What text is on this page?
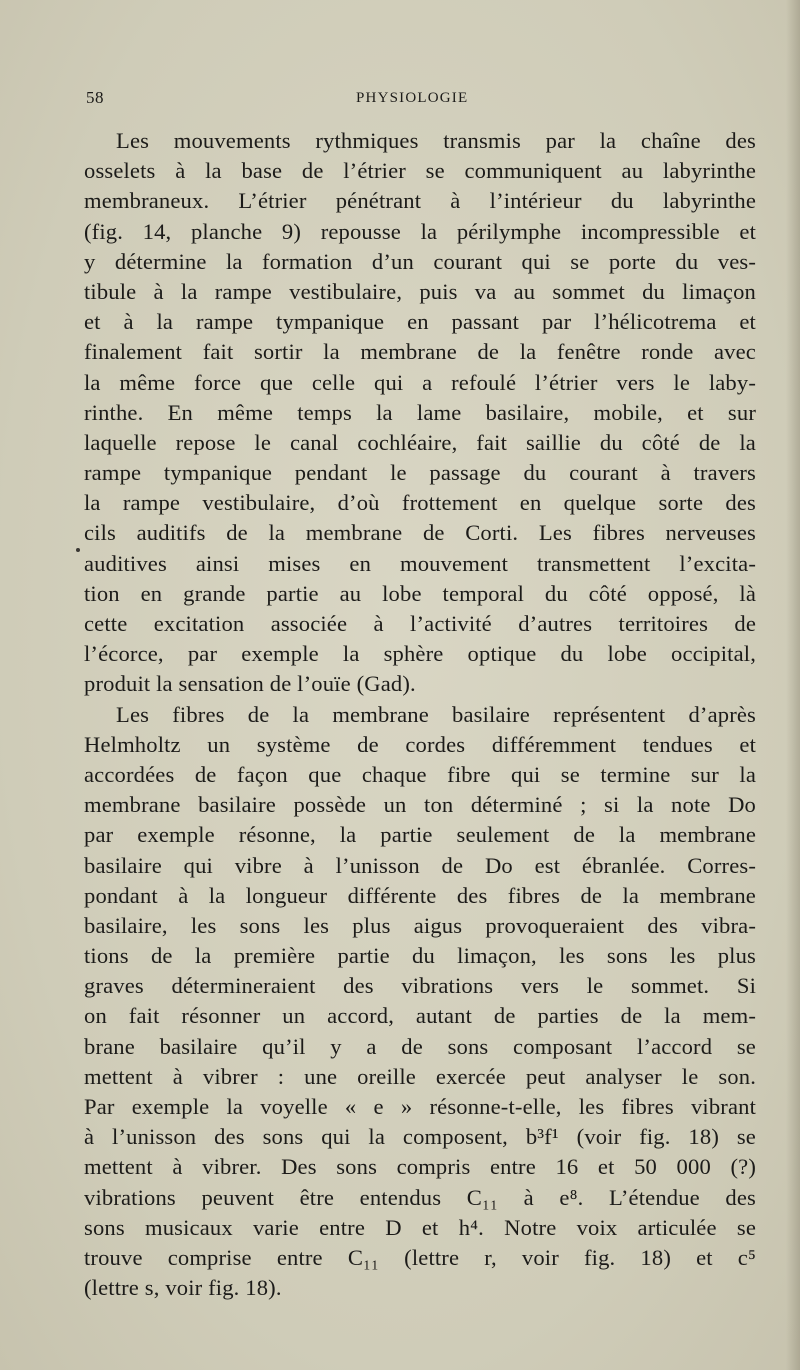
58	PHYSIOLOGIE
Les mouvements rythmiques transmis par la chaîne des
osselets à la base de l’étrier se communiquent au labyrinthe
membraneux. L’étrier pénétrant à l’intérieur du labyrinthe
(fig. 14, planche 9) repousse la périlymphe incompressible et
y détermine la formation d’un courant qui se porte du ves-
tibule à la rampe vestibulaire, puis va au sommet du limaçon
et à la rampe tympanique en passant par l’hélicotrema et
finalement fait sortir la membrane de la fenêtre ronde avec
la même force que celle qui a refoulé l’étrier vers le laby-
rinthe. En même temps la lame basilaire, mobile, et sur
laquelle repose le canal cochléaire, fait saillie du côté de la
rampe tympanique pendant le passage du courant à travers
la rampe vestibulaire, d’où frottement en quelque sorte des
cils auditifs de la membrane de Corti. Les fibres nerveuses
auditives ainsi mises en mouvement transmettent l’excita-
tion en grande partie au lobe temporal du côté opposé, là
cette excitation associée à l’activité d’autres territoires de
l’écorce, par exemple la sphère optique du lobe occipital,
produit la sensation de l’ouïe (Gad).
Les fibres de la membrane basilaire représentent d’après
Helmholtz un système de cordes différemment tendues et
accordées de façon que chaque fibre qui se termine sur la
membrane basilaire possède un ton déterminé ; si la note Do
par exemple résonne, la partie seulement de la membrane
basilaire qui vibre à l’unisson de Do est ébranlée. Corres-
pondant à la longueur différente des fibres de la membrane
basilaire, les sons les plus aigus provoqueraient des vibra-
tions de la première partie du limaçon, les sons les plus
graves détermineraient des vibrations vers le sommet. Si
on fait résonner un accord, autant de parties de la mem-
brane basilaire qu’il y a de sons composant l’accord se
mettent à vibrer : une oreille exercée peut analyser le son.
Par exemple la voyelle « e » résonne-t-elle, les fibres vibrant
à l’unisson des sons qui la composent, b³f¹ (voir fig. 18) se
mettent à vibrer. Des sons compris entre 16 et 50 000 (?)
vibrations peuvent être entendus C₁₁ à e⁸. L’étendue des
sons musicaux varie entre D et h⁴. Notre voix articulée se
trouve comprise entre C₁₁ (lettre r, voir fig. 18) et c⁵
(lettre s, voir fig. 18).
